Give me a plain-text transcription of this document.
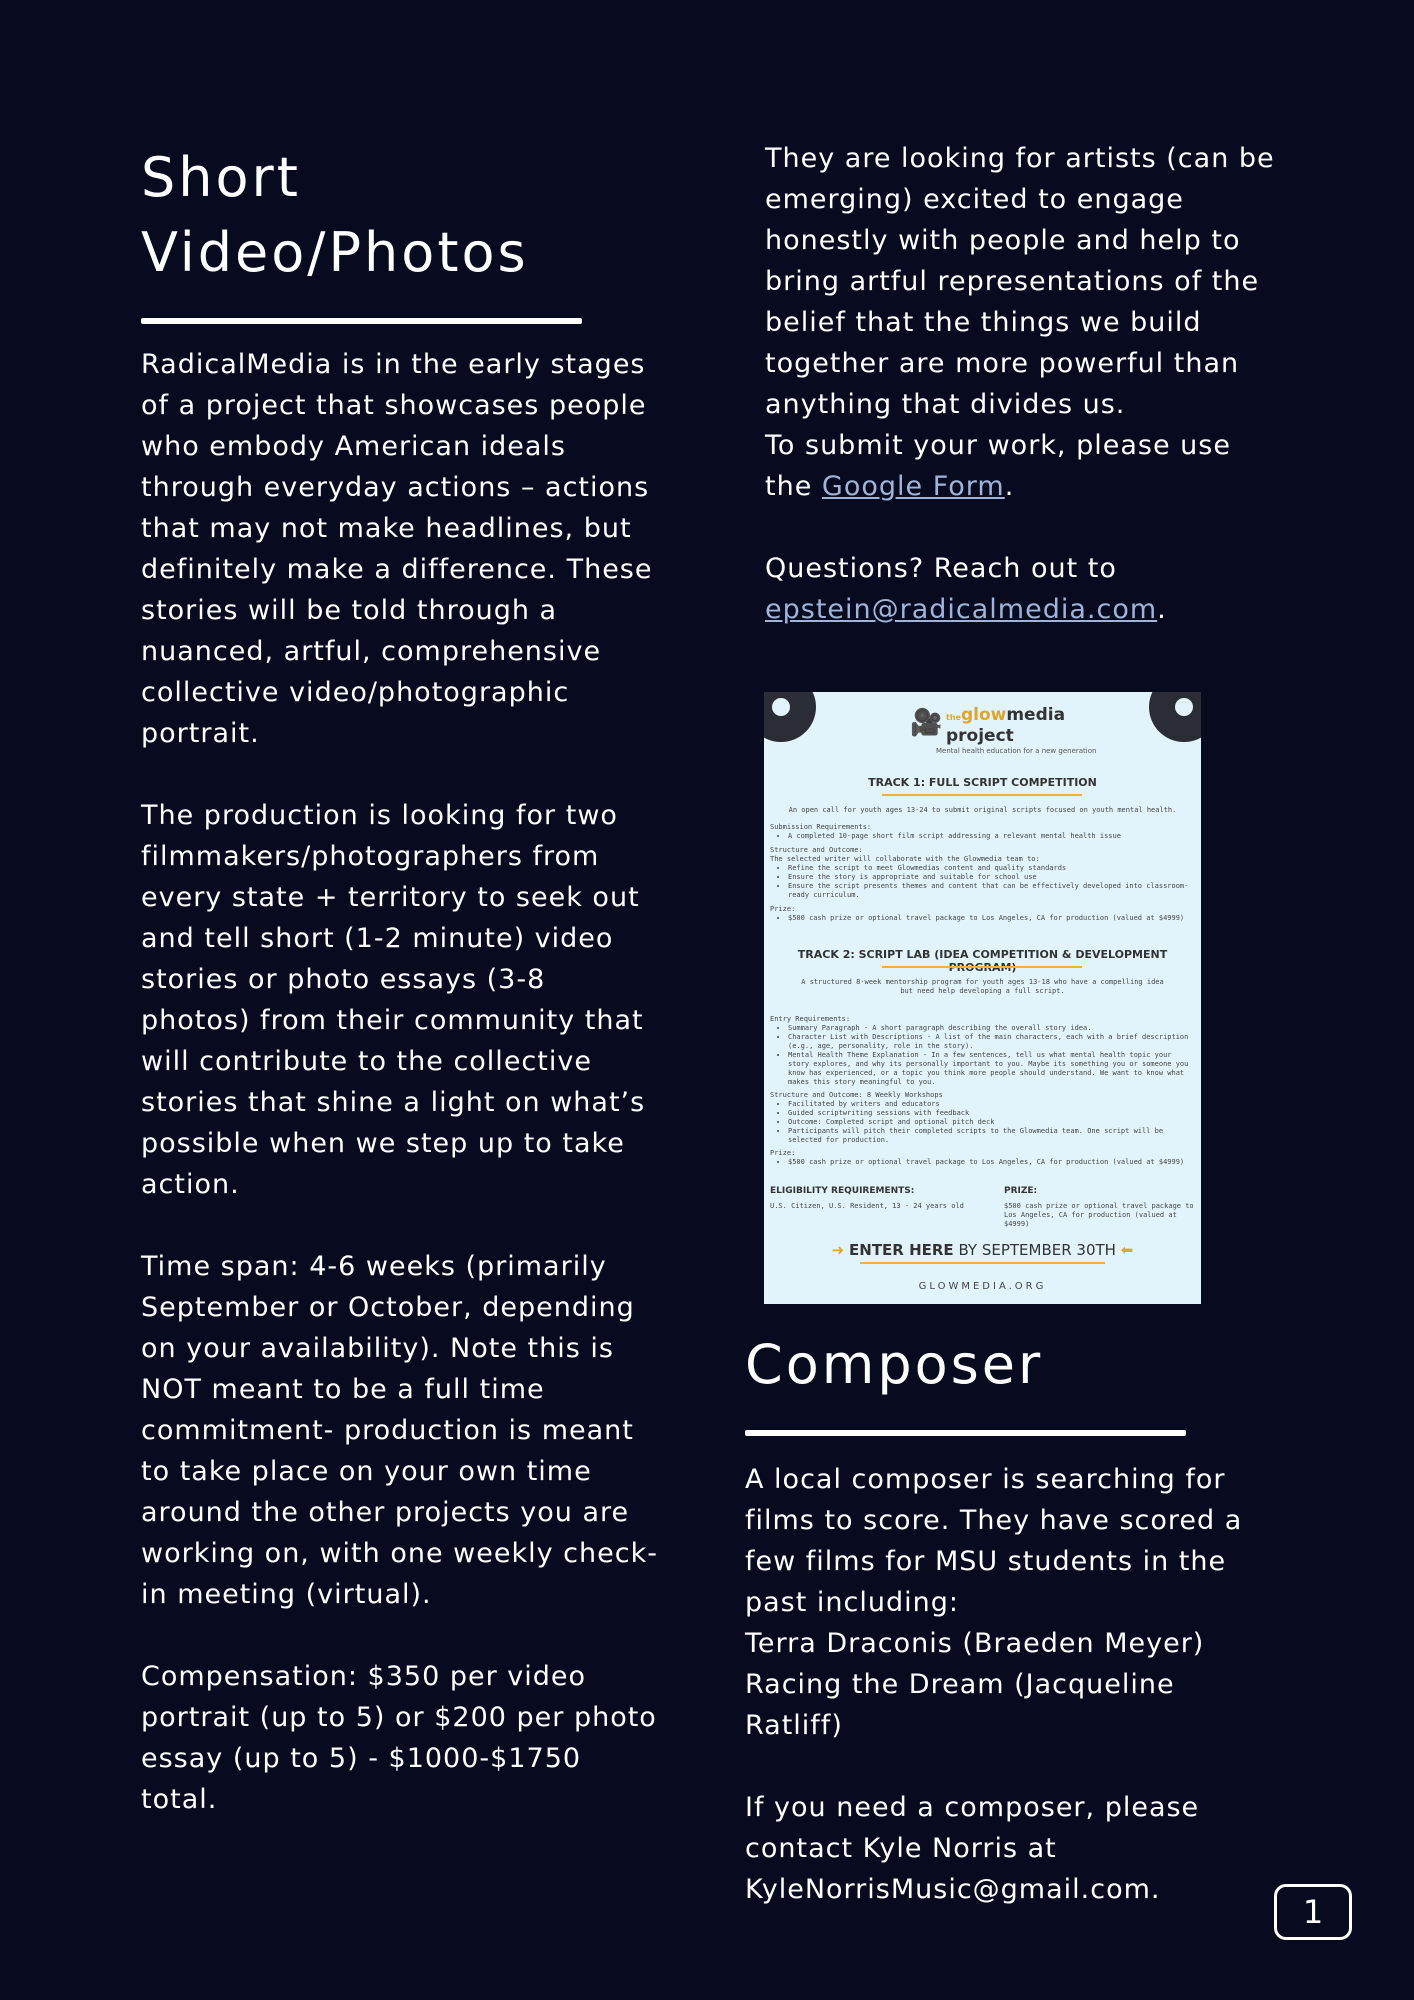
Short Video/Photos

RadicalMedia is in the early stages of a project that showcases people who embody American ideals through everyday actions – actions that may not make headlines, but definitely make a difference. These stories will be told through a nuanced, artful, comprehensive collective video/photographic portrait.

The production is looking for two filmmakers/photographers from every state + territory to seek out and tell short (1-2 minute) video stories or photo essays (3-8 photos) from their community that will contribute to the collective stories that shine a light on what’s possible when we step up to take action.

Time span: 4-6 weeks (primarily September or October, depending on your availability). Note this is NOT meant to be a full time commitment- production is meant to take place on your own time around the other projects you are working on, with one weekly check-in meeting (virtual).

Compensation: $350 per video portrait (up to 5) or $200 per photo essay (up to 5) - $1000-$1750 total.

They are looking for artists (can be emerging) excited to engage honestly with people and help to bring artful representations of the belief that the things we build together are more powerful than anything that divides us.

To submit your work, please use the Google Form.

Questions? Reach out to epstein@radicalmedia.com.

🎥 theglowmedia project
Mental health education for a new generation
TRACK 1: FULL SCRIPT COMPETITION
An open call for youth ages 13-24 to submit original scripts focused on youth mental health.
Submission Requirements:
• A completed 10-page short film script addressing a relevant mental health issue
Structure and Outcome:
The selected writer will collaborate with the Glowmedia team to:
• Refine the script to meet Glowmedias content and quality standards
• Ensure the story is appropriate and suitable for school use
• Ensure the script presents themes and content that can be effectively developed into classroom-ready curriculum.
Prize:
• $500 cash prize or optional travel package to Los Angeles, CA for production (valued at $4999)
TRACK 2: SCRIPT LAB (IDEA COMPETITION & DEVELOPMENT
A structured 8-week mentorship program for youth ages 13-18 who have a compelling idea but need help developing a full script.
Entry Requirements:
• Summary Paragraph - A short paragraph describing the overall story idea.
• Character List with Descriptions - A list of the main characters, each with a brief description (e.g., age, personality, role in the story).
• Mental Health Theme Explanation - In a few sentences, tell us what mental health topic your story explores, and why its personally important to you. Maybe its something you or someone you know has experienced, or a topic you think more people should understand. We want to know what makes this story meaningful to you.
Structure and Outcome: 8 Weekly Workshops
• Facilitated by writers and educators
• Guided scriptwriting sessions with feedback
• Outcome: Completed script and optional pitch deck
• Participants will pitch their completed scripts to the Glowmedia team. One script will be selected for production.
Prize:
• $500 cash prize or optional travel package to Los Angeles, CA for production (valued at $4999)
ELIGIBILITY REQUIREMENTS:
U.S. Citizen, U.S. Resident, 13 - 24 years old
PRIZE:
$500 cash prize or optional travel package to Los Angeles, CA for production (valued at $4999)
➜ ENTER HERE BY SEPTEMBER 30TH ⬅
GLOWMEDIA.ORG
Composer

A local composer is searching for films to score. They have scored a few films for MSU students in the past including:

Terra Draconis (Braeden Meyer)

Racing the Dream (Jacqueline Ratliff)

If you need a composer, please contact Kyle Norris at KyleNorrisMusic@gmail.com.

1
